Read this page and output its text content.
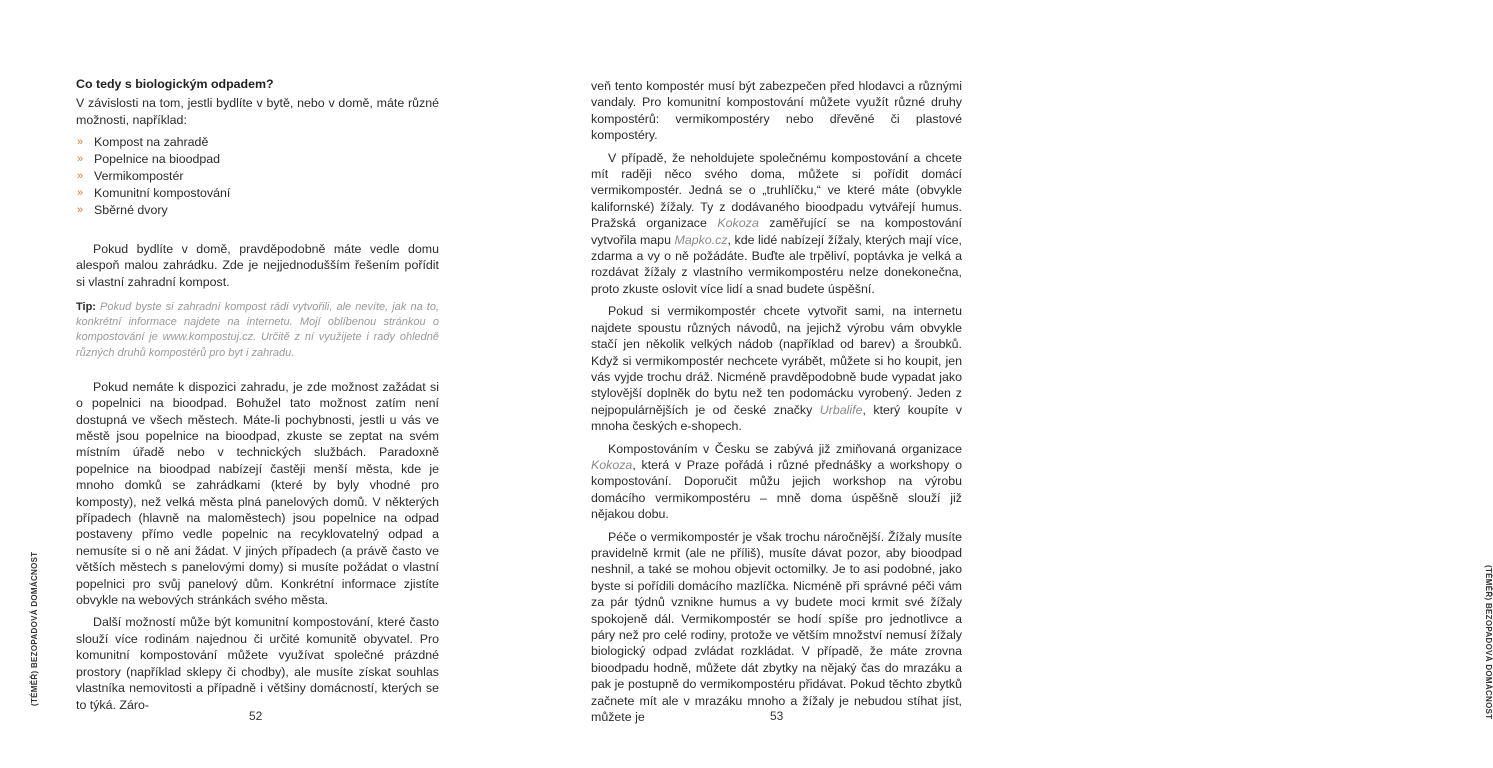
Co tedy s biologickým odpadem?

V závislosti na tom, jestli bydlíte v bytě, nebo v domě, máte různé možnosti, například:

» Kompost na zahradě
» Popelnice na bioodpad
» Vermikompostér
» Komunitní kompostování
» Sběrné dvory

Pokud bydlíte v domě, pravděpodobně máte vedle domu alespoň malou zahrádku. Zde je nejjednodušším řešením pořídit si vlastní zahradní kompost.

Tip: Pokud byste si zahradní kompost rádi vytvořili, ale nevíte, jak na to, konkrétní informace najdete na internetu. Mojí oblíbenou stránkou o kompostování je www.kompostuj.cz. Určitě z ní využijete i rady ohledně různých druhů kompostérů pro byt i zahradu.

Pokud nemáte k dispozici zahradu, je zde možnost zažádat si o popelnici na bioodpad. Bohužel tato možnost zatím není dostupná ve všech městech. Máte-li pochybnosti, jestli u vás ve městě jsou popelnice na bioodpad, zkuste se zeptat na svém místním úřadě nebo v technických službách. Paradoxně popelnice na bioodpad nabízejí častěji menší města, kde je mnoho domků se zahrádkami (které by byly vhodné pro komposty), než velká města plná panelových domů. V některých případech (hlavně na maloměstech) jsou popelnice na odpad postaveny přímo vedle popelnic na recyklovatelný odpad a nemusíte si o ně ani žádat. V jiných případech (a právě často ve větších městech s panelovými domy) si musíte požádat o vlastní popelnici pro svůj panelový dům. Konkrétní informace zjistíte obvykle na webových stránkách svého města.

Další možností může být komunitní kompostování, které často slouží více rodinám najednou či určité komunitě obyvatel. Pro komunitní kompostování můžete využívat společné prázdné prostory (například sklepy či chodby), ale musíte získat souhlas vlastníka nemovitosti a případně i většiny domácností, kterých se to týká. Záro-

52
(TÉMĚŘ) BEZOPADOVÁ DOMÁCNOST

veň tento kompostér musí být zabezpečen před hlodavci a různými vandaly. Pro komunitní kompostování můžete využít různé druhy kompostérů: vermikompostéry nebo dřevěné či plastové kompostéry.

V případě, že neholdujete společnému kompostování a chcete mít raději něco svého doma, můžete si pořídit domácí vermikompostér. Jedná se o „truhlíčku,“ ve které máte (obvykle kalifornské) žížaly. Ty z dodávaného bioodpadu vytvářejí humus. Pražská organizace Kokoza zaměřující se na kompostování vytvořila mapu Mapko.cz, kde lidé nabízejí žížaly, kterých mají více, zdarma a vy o ně požádáte. Buďte ale trpěliví, poptávka je velká a rozdávat žížaly z vlastního vermikompostéru nelze donekonečna, proto zkuste oslovit více lidí a snad budete úspěšní.

Pokud si vermikompostér chcete vytvořit sami, na internetu najdete spoustu různých návodů, na jejichž výrobu vám obvykle stačí jen několik velkých nádob (například od barev) a šroubků. Když si vermikompostér nechcete vyrábět, můžete si ho koupit, jen vás vyjde trochu dráž. Nicméně pravděpodobně bude vypadat jako stylovější doplněk do bytu než ten podomácku vyrobený. Jeden z nejpopulárnějších je od české značky Urbalife, který koupíte v mnoha českých e-shopech.

Kompostováním v Česku se zabývá již zmiňovaná organizace Kokoza, která v Praze pořádá i různé přednášky a workshopy o kompostování. Doporučit můžu jejich workshop na výrobu domácího vermikompostéru – mně doma úspěšně slouží již nějakou dobu.

Péče o vermikompostér je však trochu náročnější. Žížaly musíte pravidelně krmit (ale ne příliš), musíte dávat pozor, aby bioodpad neshnil, a také se mohou objevit octomilky. Je to asi podobné, jako byste si pořídili domácího mazlíčka. Nicméně při správné péči vám za pár týdnů vznikne humus a vy budete moci krmit své žížaly spokojeně dál. Vermikompostér se hodí spíše pro jednotlivce a páry než pro celé rodiny, protože ve větším množství nemusí žížaly biologický odpad zvládat rozkládat. V případě, že máte zrovna bioodpadu hodně, můžete dát zbytky na nějaký čas do mrazáku a pak je postupně do vermikompostéru přidávat. Pokud těchto zbytků začnete mít ale v mrazáku mnoho a žížaly je nebudou stíhat jíst, můžete je	53	(TÉMĚŘ) BEZOPADOVÁ DOMÁCNOST
